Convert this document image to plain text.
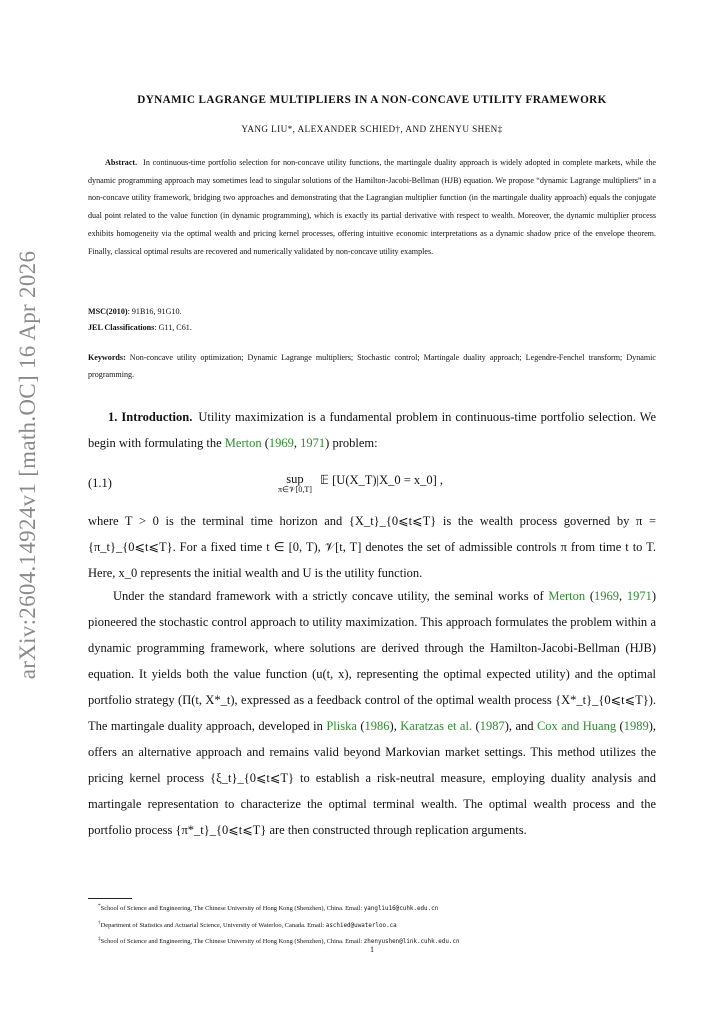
arXiv:2604.14924v1 [math.OC] 16 Apr 2026
DYNAMIC LAGRANGE MULTIPLIERS IN A NON-CONCAVE UTILITY FRAMEWORK
YANG LIU*, ALEXANDER SCHIED†, AND ZHENYU SHEN‡
Abstract. In continuous-time portfolio selection for non-concave utility functions, the martingale duality approach is widely adopted in complete markets, while the dynamic programming approach may sometimes lead to singular solutions of the Hamilton-Jacobi-Bellman (HJB) equation. We propose “dynamic Lagrange multipliers” in a non-concave utility framework, bridging two approaches and demonstrating that the Lagrangian multiplier function (in the martingale duality approach) equals the conjugate dual point related to the value function (in dynamic programming), which is exactly its partial derivative with respect to wealth. Moreover, the dynamic multiplier process exhibits homogeneity via the optimal wealth and pricing kernel processes, offering intuitive economic interpretations as a dynamic shadow price of the envelope theorem. Finally, classical optimal results are recovered and numerically validated by non-concave utility examples.
MSC(2010): 91B16, 91G10.
JEL Classifications: G11, C61.
Keywords: Non-concave utility optimization; Dynamic Lagrange multipliers; Stochastic control; Martingale duality approach; Legendre-Fenchel transform; Dynamic programming.
1. Introduction. Utility maximization is a fundamental problem in continuous-time portfolio selection. We begin with formulating the Merton (1969, 1971) problem:
(1.1)	sup
π∈𝒱[0,T]
𝔼 [U(X_T)|X_0 = x_0] ,
where T > 0 is the terminal time horizon and {X_t}_{0⩽t⩽T} is the wealth process governed by π = {π_t}_{0⩽t⩽T}. For a fixed time t ∈ [0, T), 𝒱[t, T] denotes the set of admissible controls π from time t to T. Here, x_0 represents the initial wealth and U is the utility function.
Under the standard framework with a strictly concave utility, the seminal works of Merton (1969, 1971) pioneered the stochastic control approach to utility maximization. This approach formulates the problem within a dynamic programming framework, where solutions are derived through the Hamilton-Jacobi-Bellman (HJB) equation. It yields both the value function (u(t, x), representing the optimal expected utility) and the optimal portfolio strategy (Π(t, X*_t), expressed as a feedback control of the optimal wealth process {X*_t}_{0⩽t⩽T}). The martingale duality approach, developed in Pliska (1986), Karatzas et al. (1987), and Cox and Huang (1989), offers an alternative approach and remains valid beyond Markovian market settings. This method utilizes the pricing kernel process {ξ_t}_{0⩽t⩽T} to establish a risk-neutral measure, employing duality analysis and martingale representation to characterize the optimal terminal wealth. The optimal wealth process and the portfolio process {π*_t}_{0⩽t⩽T} are then constructed through replication arguments.
*School of Science and Engineering, The Chinese University of Hong Kong (Shenzhen), China. Email: yangliu16@cuhk.edu.cn
†Department of Statistics and Actuarial Science, University of Waterloo, Canada. Email: aschied@uwaterloo.ca
‡School of Science and Engineering, The Chinese University of Hong Kong (Shenzhen), China. Email: zhenyushen@link.cuhk.edu.cn
1
